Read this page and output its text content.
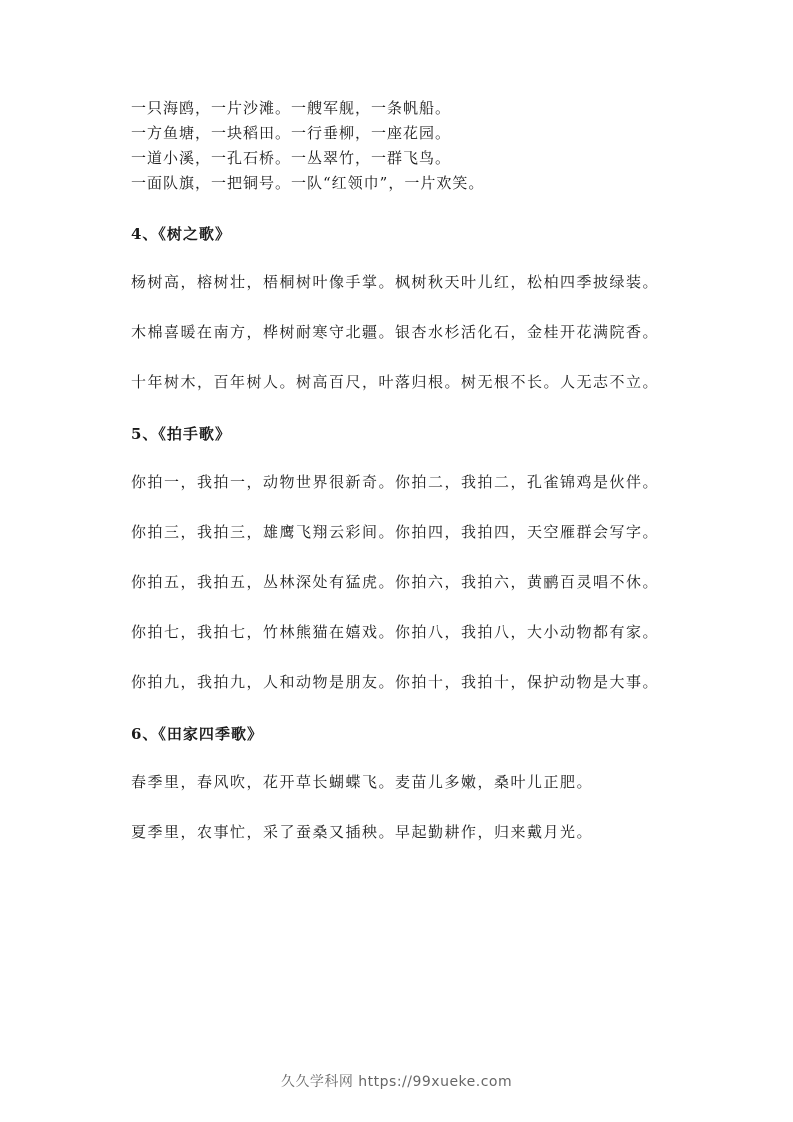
一只海鸥，一片沙滩。一艘军舰，一条帆船。

一方鱼塘，一块稻田。一行垂柳，一座花园。

一道小溪，一孔石桥。一丛翠竹，一群飞鸟。

一面队旗，一把铜号。一队“红领巾”，一片欢笑。

4、《树之歌》

杨树高，榕树壮，梧桐树叶像手掌。枫树秋天叶儿红，松柏四季披绿装。

木棉喜暖在南方，桦树耐寒守北疆。银杏水杉活化石，金桂开花满院香。

十年树木，百年树人。树高百尺，叶落归根。树无根不长。人无志不立。

5、《拍手歌》

你拍一，我拍一，动物世界很新奇。你拍二，我拍二，孔雀锦鸡是伙伴。

你拍三，我拍三，雄鹰飞翔云彩间。你拍四，我拍四，天空雁群会写字。

你拍五，我拍五，丛林深处有猛虎。你拍六，我拍六，黄鹂百灵唱不休。

你拍七，我拍七，竹林熊猫在嬉戏。你拍八，我拍八，大小动物都有家。

你拍九，我拍九，人和动物是朋友。你拍十，我拍十，保护动物是大事。

6、《田家四季歌》

春季里，春风吹，花开草长蝴蝶飞。麦苗儿多嫩，桑叶儿正肥。

夏季里，农事忙，采了蚕桑又插秧。早起勤耕作，归来戴月光。

久久学科网 https://99xueke.com
